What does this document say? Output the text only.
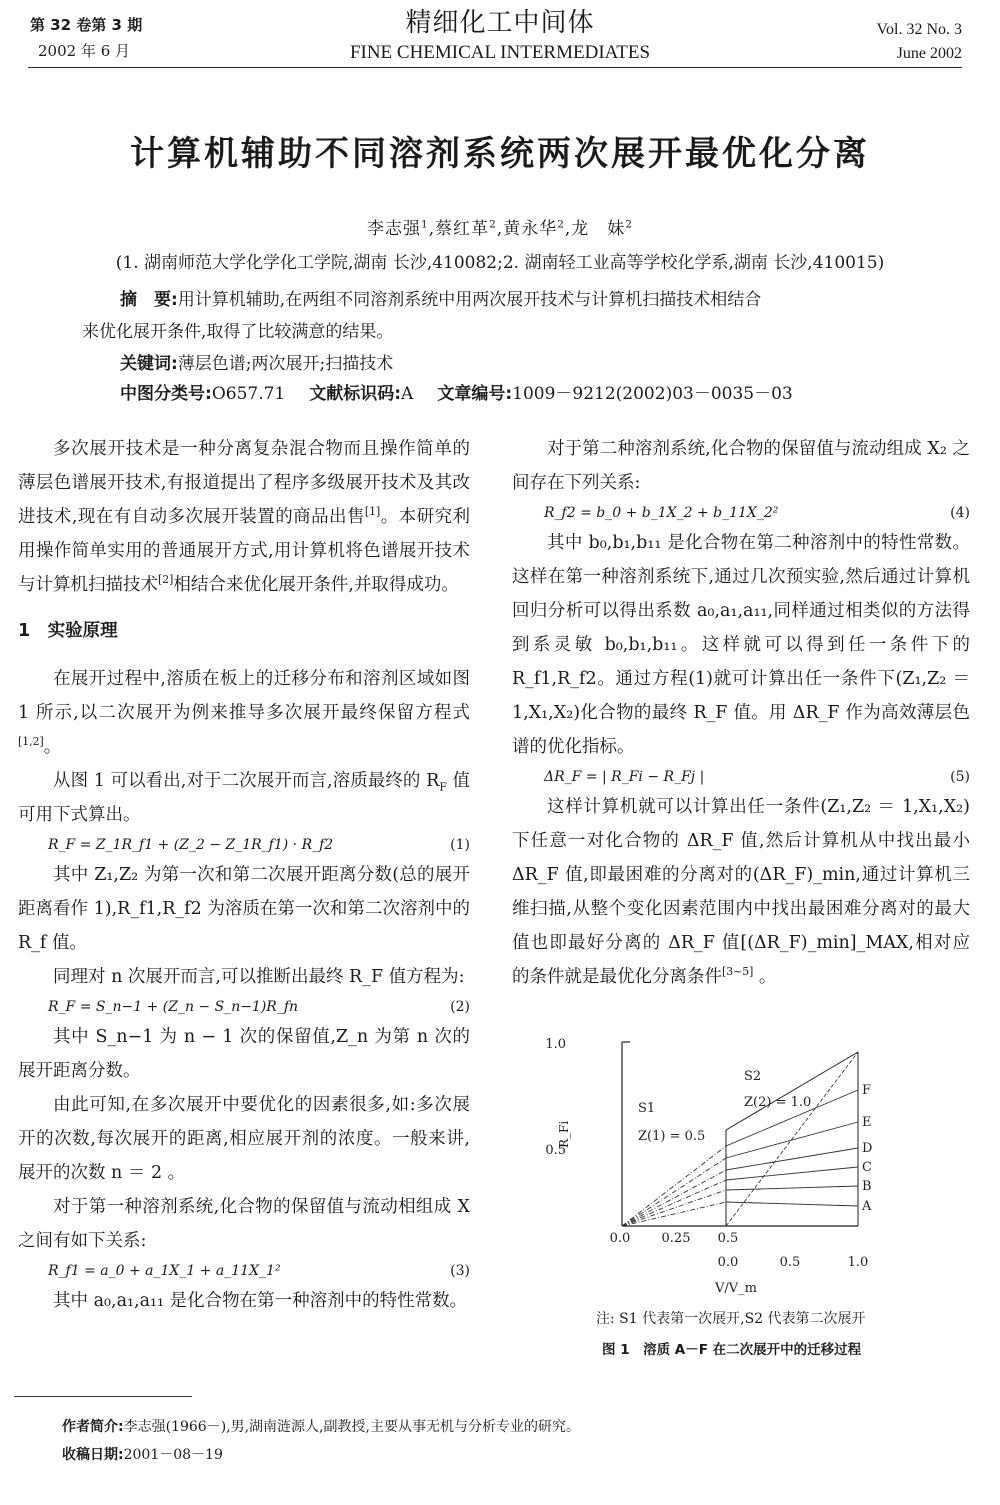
第 32 卷第 3 期
2002 年 6 月
精细化工中间体
FINE CHEMICAL INTERMEDIATES
Vol. 32 No. 3
June 2002
计算机辅助不同溶剂系统两次展开最优化分离
李志强$^1$,蔡红革$^2$,黄永华$^2$,龙　妹$^2$
(1. 湖南师范大学化学化工学院,湖南 长沙,410082;2. 湖南轻工业高等学校化学系,湖南 长沙,410015)
摘　要:用计算机辅助,在两组不同溶剂系统中用两次展开技术与计算机扫描技术相结合
来优化展开条件,取得了比较满意的结果。
关键词:薄层色谱;两次展开;扫描技术
中图分类号:O657.71 文献标识码:A 文章编号:1009－9212(2002)03－0035－03

多次展开技术是一种分离复杂混合物而且操作简单的薄层色谱展开技术,有报道提出了程序多级展开技术及其改进技术,现在有自动多次展开装置的商品出售[1]。本研究利用操作简单实用的普通展开方式,用计算机将色谱展开技术与计算机扫描技术[2]相结合来优化展开条件,并取得成功。

1　实验原理

在展开过程中,溶质在板上的迁移分布和溶剂区域如图 1 所示,以二次展开为例来推导多次展开最终保留方程式[1,2]。

从图 1 可以看出,对于二次展开而言,溶质最终的 $R_F$ 值可用下式算出。

R_F = Z_1R_f1 + (Z_2 − Z_1R_f1) · R_f2	(1)

其中 Z₁,Z₂ 为第一次和第二次展开距离分数(总的展开距离看作 1),R_f1,R_f2 为溶质在第一次和第二次溶剂中的 R_f 值。

同理对 n 次展开而言,可以推断出最终 R_F 值方程为:

R_F = S_n−1 + (Z_n − S_n−1)R_fn	(2)

其中 S_n−1 为 n − 1 次的保留值,Z_n 为第 n 次的展开距离分数。

由此可知,在多次展开中要优化的因素很多,如:多次展开的次数,每次展开的距离,相应展开剂的浓度。一般来讲,展开的次数 n ＝ 2 。

对于第一种溶剂系统,化合物的保留值与流动相组成 X 之间有如下关系:

R_f1 = a_0 + a_1X_1 + a_11X_1²	(3)

其中 a₀,a₁,a₁₁ 是化合物在第一种溶剂中的特性常数。

对于第二种溶剂系统,化合物的保留值与流动组成 X₂ 之间存在下列关系:

R_f2 = b_0 + b_1X_2 + b_11X_2²	(4)

其中 b₀,b₁,b₁₁ 是化合物在第二种溶剂中的特性常数。这样在第一种溶剂系统下,通过几次预实验,然后通过计算机回归分析可以得出系数 a₀,a₁,a₁₁,同样通过相类似的方法得到系灵敏 b₀,b₁,b₁₁。这样就可以得到任一条件下的 R_f1,R_f2。通过方程(1)就可计算出任一条件下(Z₁,Z₂ ＝ 1,X₁,X₂)化合物的最终 R_F 值。用 ΔR_F 作为高效薄层色谱的优化指标。

ΔR_F = | R_Fi − R_Fj |	(5)

这样计算机就可以计算出任一条件(Z₁,Z₂ ＝ 1,X₁,X₂)下任意一对化合物的 ΔR_F 值,然后计算机从中找出最小 ΔR_F 值,即最困难的分离对的(ΔR_F)_min,通过计算机三维扫描,从整个变化因素范围内中找出最困难分离对的最大值也即最好分离的 ΔR_F 值[(ΔR_F)_min]_MAX,相对应的条件就是最优化分离条件[3~5] 。

1.0
0.5
R_Fi
0.0 0.25 0.5
0.0	0.5	1.0
V/V_m
S1
Z(1) = 0.5
S2
Z(2) = 1.0
A
B
C
D
E
F
注: S1 代表第一次展开,S2 代表第二次展开
图 1　溶质 A－F 在二次展开中的迁移过程
作者简介:李志强(1966－),男,湖南涟源人,副教授,主要从事无机与分析专业的研究。
收稿日期:2001－08－19
